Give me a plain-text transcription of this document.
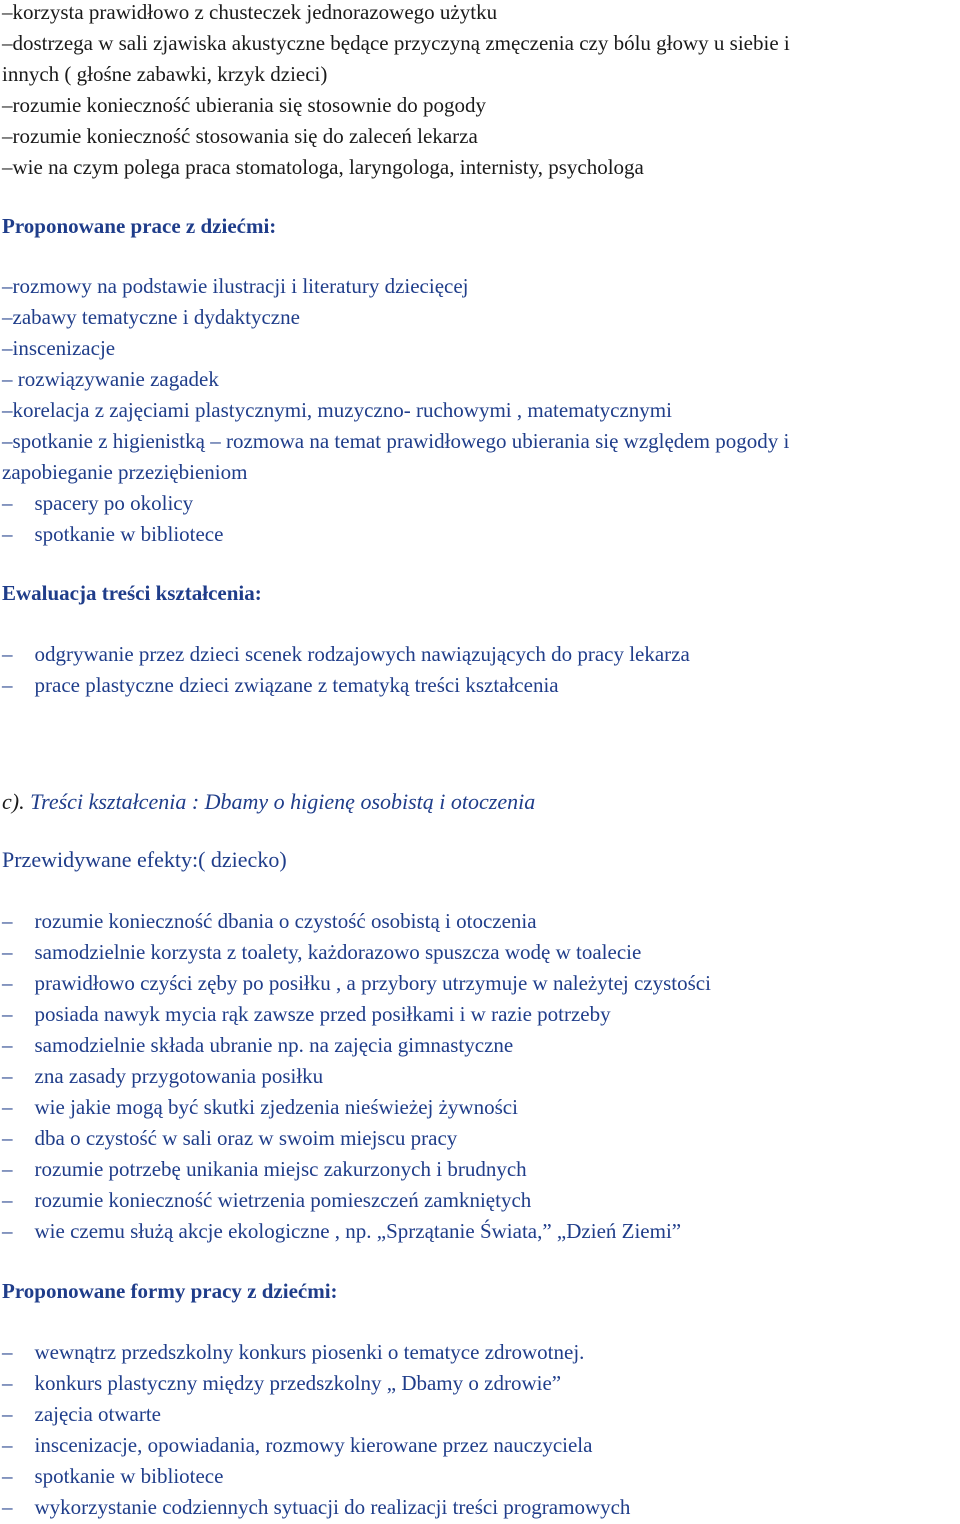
–korzysta prawidłowo z chusteczek jednorazowego użytku
–dostrzega w sali zjawiska akustyczne będące przyczyną zmęczenia czy bólu głowy u siebie i
innych ( głośne zabawki, krzyk dzieci)
–rozumie konieczność ubierania się stosownie do pogody
–rozumie konieczność stosowania się do zaleceń lekarza
–wie na czym polega praca stomatologa, laryngologa, internisty, psychologa
Proponowane prace z dziećmi:
–rozmowy na podstawie ilustracji i literatury dziecięcej
–zabawy tematyczne i dydaktyczne
–inscenizacje
– rozwiązywanie zagadek
–korelacja z zajęciami plastycznymi, muzyczno- ruchowymi , matematycznymi
–spotkanie z higienistką – rozmowa na temat prawidłowego ubierania się względem pogody i
zapobieganie przeziębieniom
– spacery po okolicy
– spotkanie w bibliotece
Ewaluacja treści kształcenia:
– odgrywanie przez dzieci scenek rodzajowych nawiązujących do pracy lekarza
– prace plastyczne dzieci związane z tematyką treści kształcenia
c). Treści kształcenia : Dbamy o higienę osobistą i otoczenia
Przewidywane efekty:( dziecko)
– rozumie konieczność dbania o czystość osobistą i otoczenia
– samodzielnie korzysta z toalety, każdorazowo spuszcza wodę w toalecie
– prawidłowo czyści zęby po posiłku , a przybory utrzymuje w należytej czystości
– posiada nawyk mycia rąk zawsze przed posiłkami i w razie potrzeby
– samodzielnie składa ubranie np. na zajęcia gimnastyczne
– zna zasady przygotowania posiłku
– wie jakie mogą być skutki zjedzenia nieświeżej żywności
– dba o czystość w sali oraz w swoim miejscu pracy
– rozumie potrzebę unikania miejsc zakurzonych i brudnych
– rozumie konieczność wietrzenia pomieszczeń zamkniętych
– wie czemu służą akcje ekologiczne , np. „Sprzątanie Świata,” „Dzień Ziemi”
Proponowane formy pracy z dziećmi:
– wewnątrz przedszkolny konkurs piosenki o tematyce zdrowotnej.
– konkurs plastyczny między przedszkolny „ Dbamy o zdrowie”
– zajęcia otwarte
– inscenizacje, opowiadania, rozmowy kierowane przez nauczyciela
– spotkanie w bibliotece
– wykorzystanie codziennych sytuacji do realizacji treści programowych
